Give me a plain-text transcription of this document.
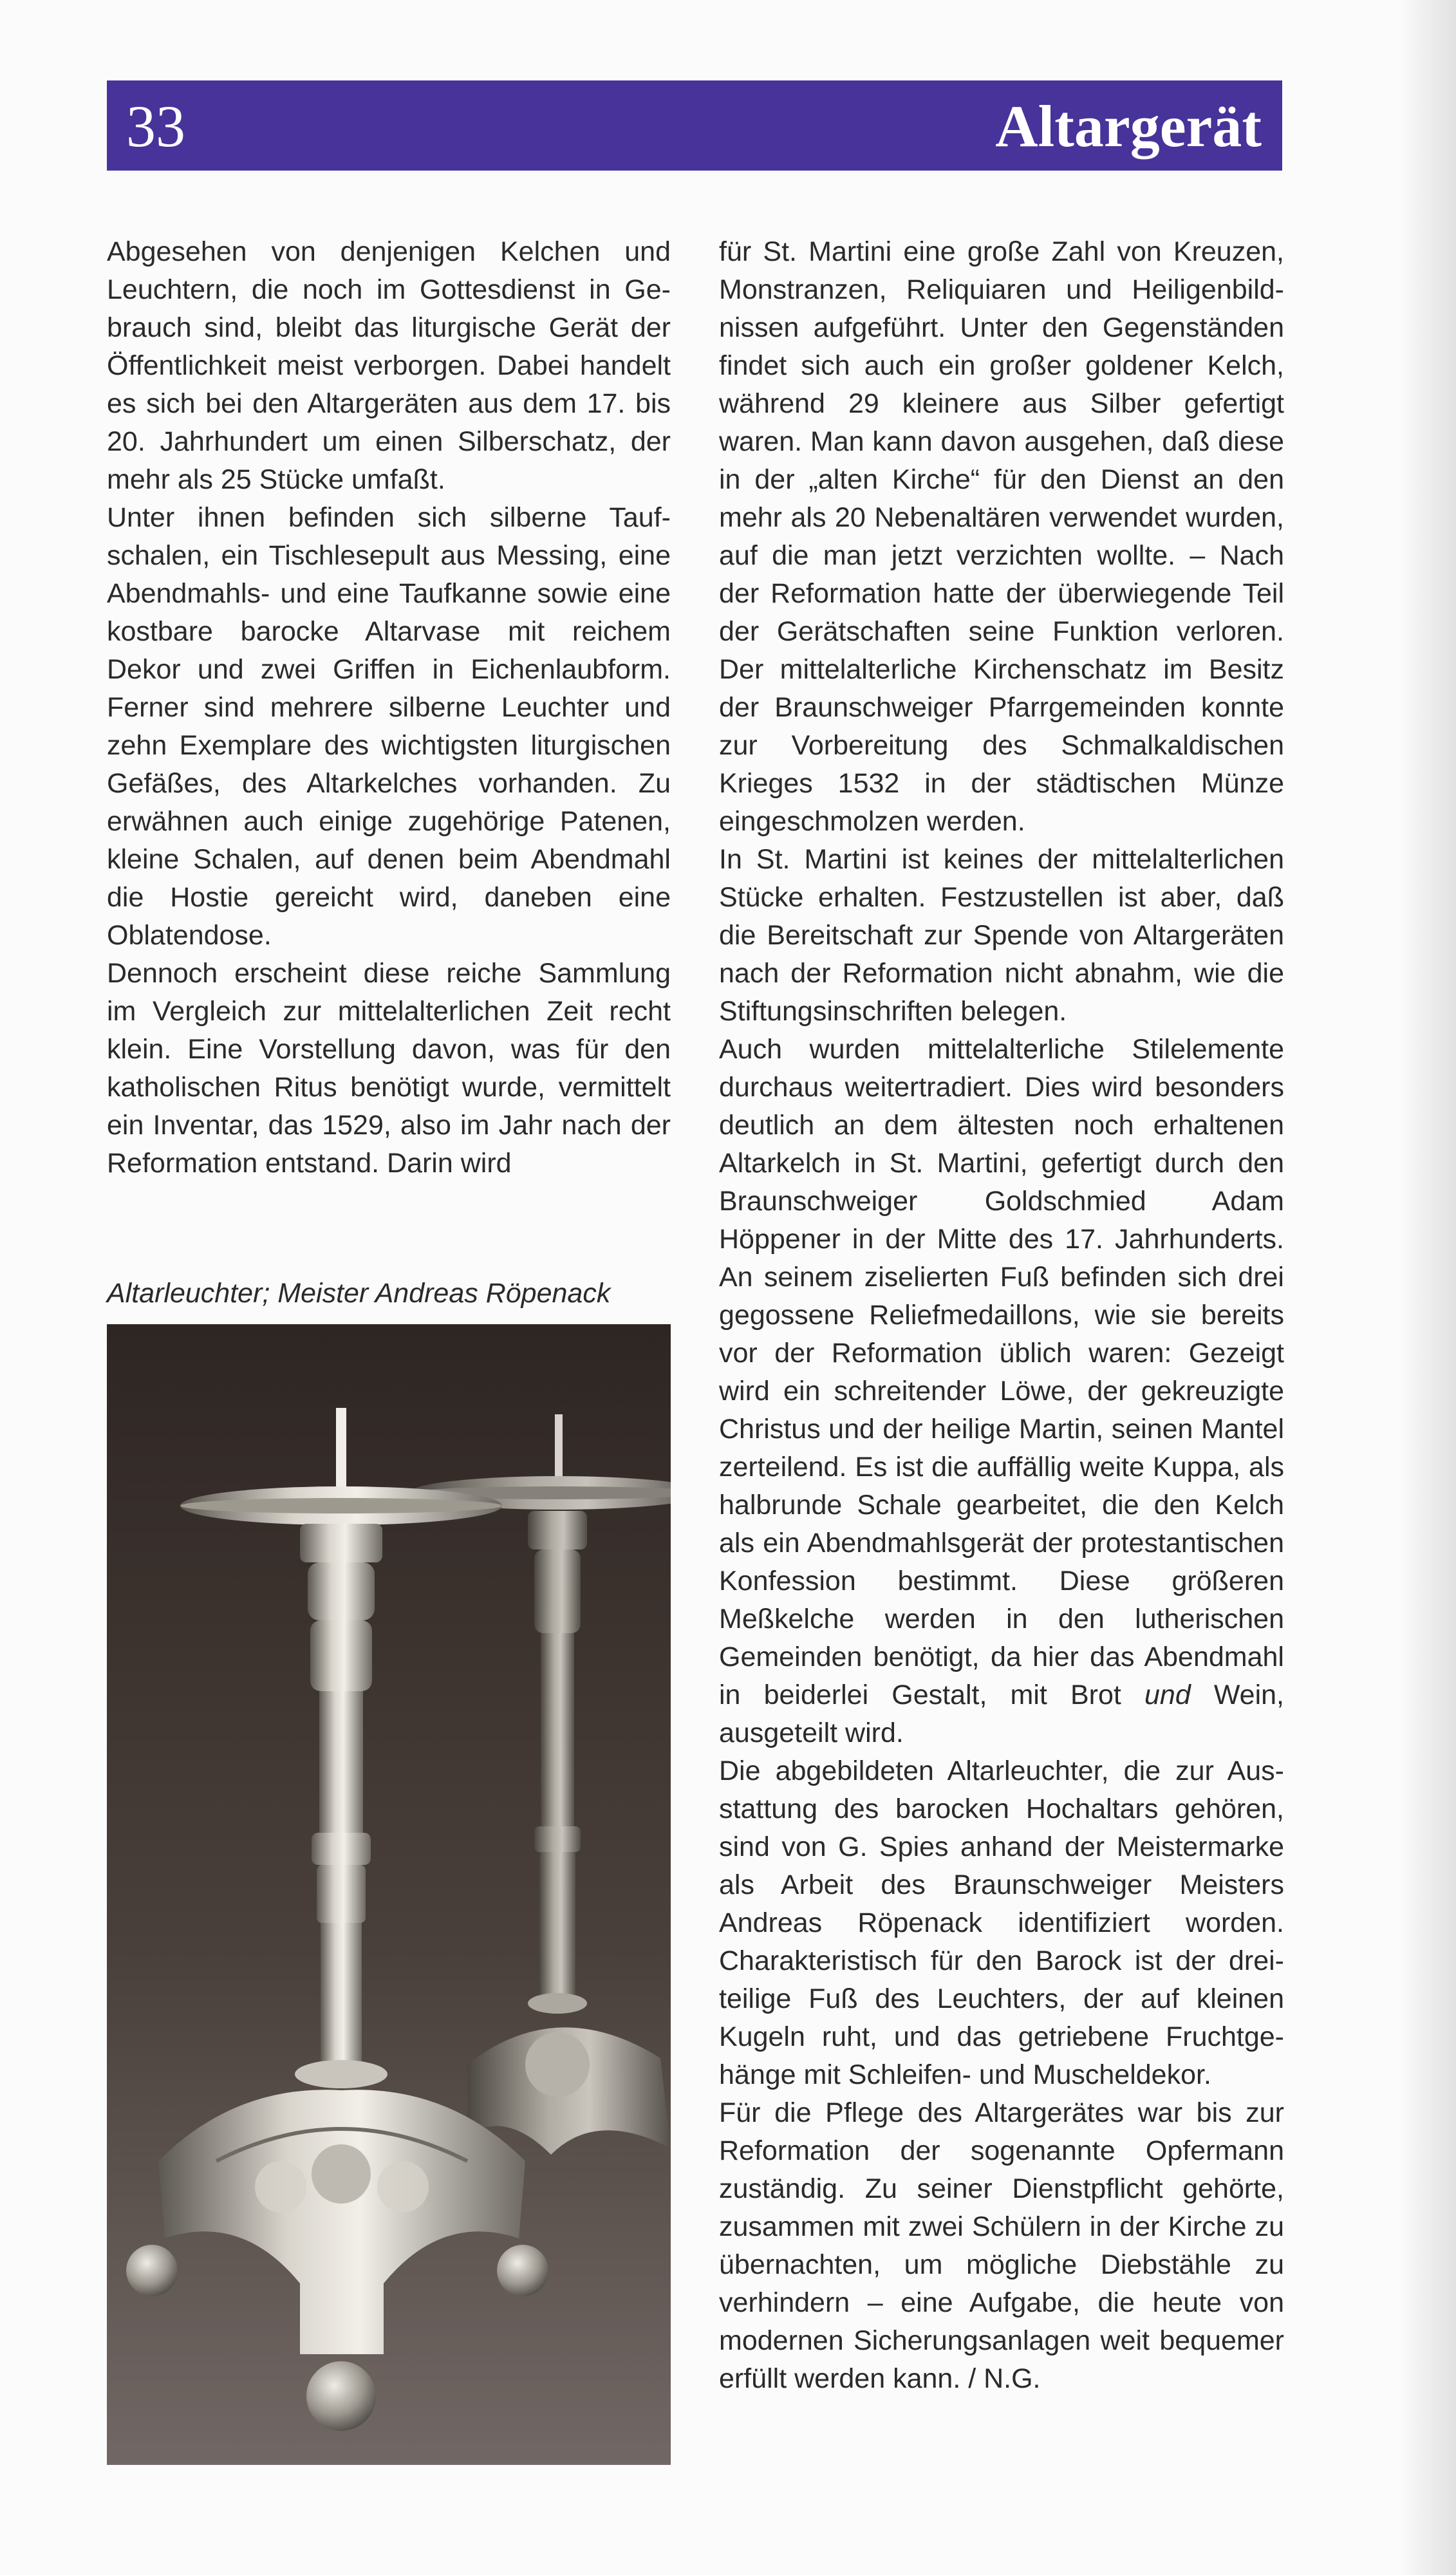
33	Altargerät

Abgesehen von denjenigen Kelchen und Leuchtern, die noch im Gottesdienst in Gebrauch sind, bleibt das liturgische Gerät der Öffentlichkeit meist verborgen. Dabei handelt es sich bei den Altargeräten aus dem 17. bis 20. Jahrhundert um einen Silberschatz, der mehr als 25 Stücke umfaßt.

Unter ihnen befinden sich silberne Taufschalen, ein Tischlesepult aus Messing, eine Abendmahls- und eine Taufkanne sowie eine kostbare barocke Altarvase mit reichem Dekor und zwei Griffen in Eichenlaubform. Ferner sind mehrere silberne Leuchter und zehn Exemplare des wichtigsten liturgischen Gefäßes, des Altarkelches vorhanden. Zu erwähnen auch einige zugehörige Patenen, kleine Schalen, auf denen beim Abendmahl die Hostie gereicht wird, daneben eine Oblatendose.

Dennoch erscheint diese reiche Sammlung im Vergleich zur mittelalterlichen Zeit recht klein. Eine Vorstellung davon, was für den katholischen Ritus benötigt wurde, vermittelt ein Inventar, das 1529, also im Jahr nach der Reformation entstand. Darin wird

Altarleuchter; Meister Andreas Röpenack

für St. Martini eine große Zahl von Kreuzen, Monstranzen, Reliquiaren und Heiligenbildnissen aufgeführt. Unter den Gegenständen findet sich auch ein großer goldener Kelch, während 29 kleinere aus Silber gefertigt waren. Man kann davon ausgehen, daß diese in der „alten Kirche“ für den Dienst an den mehr als 20 Nebenaltären verwendet wurden, auf die man jetzt verzichten wollte. – Nach der Reformation hatte der überwiegende Teil der Gerätschaften seine Funktion verloren. Der mittelalterliche Kirchenschatz im Besitz der Braunschweiger Pfarrgemeinden konnte zur Vorbereitung des Schmalkaldischen Krieges 1532 in der städtischen Münze eingeschmolzen werden.

In St. Martini ist keines der mittelalterlichen Stücke erhalten. Festzustellen ist aber, daß die Bereitschaft zur Spende von Altargeräten nach der Reformation nicht abnahm, wie die Stiftungsinschriften belegen.

Auch wurden mittelalterliche Stilelemente durchaus weitertradiert. Dies wird besonders deutlich an dem ältesten noch erhaltenen Altarkelch in St. Martini, gefertigt durch den Braunschweiger Goldschmied Adam Höppener in der Mitte des 17. Jahrhunderts. An seinem ziselierten Fuß befinden sich drei gegossene Reliefmedaillons, wie sie bereits vor der Reformation üblich waren: Gezeigt wird ein schreitender Löwe, der gekreuzigte Christus und der heilige Martin, seinen Mantel zerteilend. Es ist die auffällig weite Kuppa, als halbrunde Schale gearbeitet, die den Kelch als ein Abendmahlsgerät der protestantischen Konfession bestimmt. Diese größeren Meßkelche werden in den lutherischen Gemeinden benötigt, da hier das Abendmahl in beiderlei Gestalt, mit Brot und Wein, ausgeteilt wird.

Die abgebildeten Altarleuchter, die zur Ausstattung des barocken Hochaltars gehören, sind von G. Spies anhand der Meistermarke als Arbeit des Braunschweiger Meisters Andreas Röpenack identifiziert worden. Charakteristisch für den Barock ist der dreiteilige Fuß des Leuchters, der auf kleinen Kugeln ruht, und das getriebene Fruchtgehänge mit Schleifen- und Muscheldekor.

Für die Pflege des Altargerätes war bis zur Reformation der sogenannte Opfermann zuständig. Zu seiner Dienstpflicht gehörte, zusammen mit zwei Schülern in der Kirche zu übernachten, um mögliche Diebstähle zu verhindern – eine Aufgabe, die heute von modernen Sicherungsanlagen weit bequemer erfüllt werden kann. / N.G.
